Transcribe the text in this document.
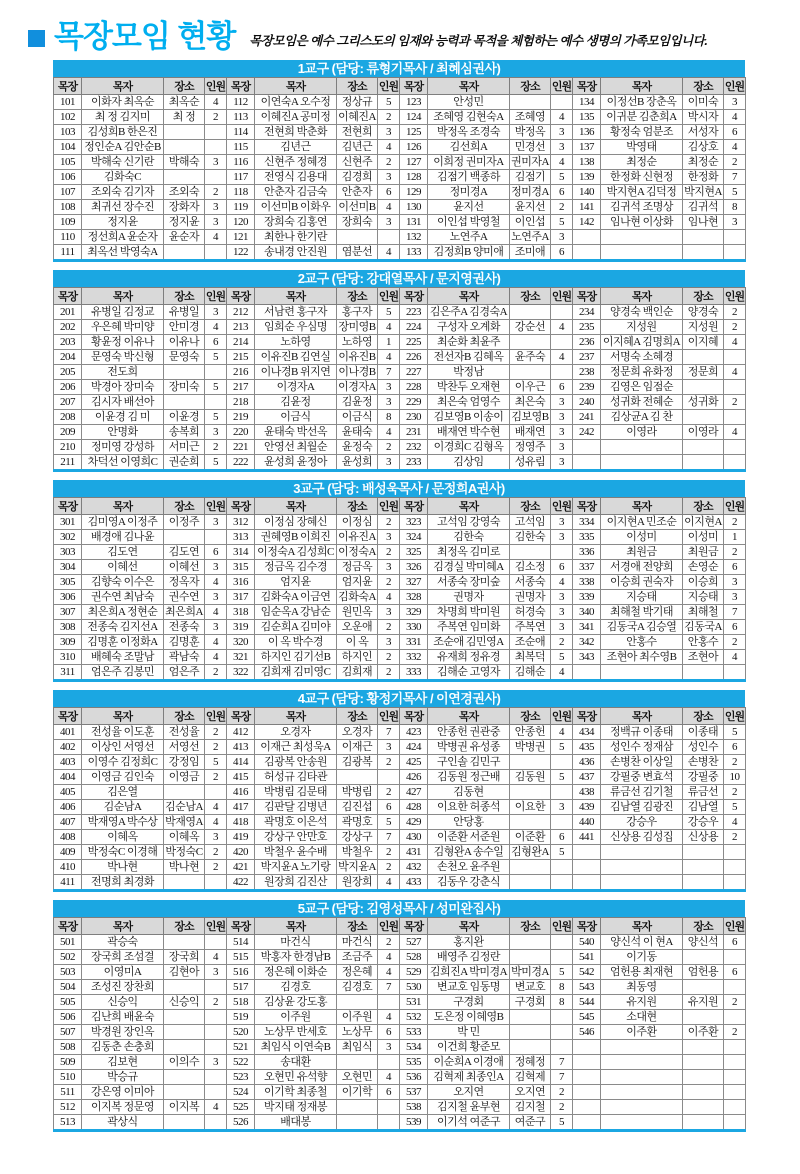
목장모임 현황 목장모임은 예수 그리스도의 임재와 능력과 목적을 체험하는 예수 생명의 가족모임입니다.

1교구 (담당: 류형기목사 / 최혜심권사)
목장	목자	장소	인원	목장	목자	장소	인원	목장	목자	장소	인원	목장	목자	장소	인원
101	이화자 최옥순	최옥순	4	112	이연숙A 오수정	정상규	5	123	안성민			134	이정선B 장춘옥	이미숙	3
102	최 정 김지미	최 정	2	113	이혜진A 공미정	이혜진A	2	124	조혜영 김현숙A	조혜영	4	135	이귀분 김춘희A	박시자	4
103	김성희B 한은진			114	전현희 박춘화	전현희	3	125	박정옥 조경숙	박정옥	3	136	황정숙 엄분조	서성자	6
104	정인순A 김안순B			115	김년근	김년근	4	126	김선희A	민경선	3	137	박영태	김상호	4
105	박해숙 신기란	박해숙	3	116	신현주 정혜경	신현주	2	127	이희정 권미자A	권미자A	4	138	최정순	최정순	2
106	김화숙C			117	전영식 김용대	김경희	3	128	김점기 백종하	김점기	5	139	한정화 신현정	한정화	7
107	조외숙 김기자	조외숙	2	118	안춘자 김금숙	안춘자	6	129	정미경A	정미경A	6	140	박지현A 김덕정	박지현A	5
108	최귀선 장수진	장화자	3	119	이선미B 이화우	이선미B	4	130	윤지선	윤지선	2	141	김귀석 조명상	김귀석	8
109	정지윤	정지윤	3	120	장희숙 김홍연	장희숙	3	131	이인섭 박영철	이인섭	5	142	임나현 이상화	임나현	3
110	정선희A 윤순자	윤순자	4	121	최한나 한기란			132	노연주A	노연주A	3				
111	최옥선 박영숙A			122	송내경 안진원	염분선	4	133	김정희B 양미애	조미애	6				
2교구 (담당: 강대열목사 / 문지영권사)
목장	목자	장소	인원	목장	목자	장소	인원	목장	목자	장소	인원	목장	목자	장소	인원
201	유병일 김정교	유병일	3	212	서남련 홍구자	홍구자	5	223	김은주A 김경숙A			234	양경숙 백인순	양경숙	2
202	우은혜 박미양	안미경	4	213	임희순 우심명	장미영B	4	224	구성자 오계화	강순선	4	235	지성원	지성원	2
203	황윤정 이유나	이유나	6	214	노하영	노하영	1	225	최순화 최윤주			236	이지혜A 김명희A	이지혜	4
204	문영숙 박신형	문영숙	5	215	이유진B 김연실	이유진B	4	226	전선자B 김혜옥	윤주숙	4	237	서명숙 소혜경		
205	전도희			216	이나경B 위지연	이나경B	7	227	박정남			238	정문희 유화정	정문희	4
206	박경아 장미숙	장미숙	5	217	이경자A	이경자A	3	228	박찬두 오재현	이우근	6	239	김영은 임점순		
207	김시자 배선아			218	김윤정	김윤정	3	229	최은숙 엄영수	최은숙	3	240	성귀화 전혜순	성귀화	2
208	이윤경 김 미	이윤경	5	219	이금식	이금식	8	230	김보영B 이송이	김보영B	3	241	김상균A 김 찬		
209	안명화	송복희	3	220	윤태숙 박선옥	윤태숙	4	231	배재연 박수현	배재연	3	242	이영라	이영라	4
210	정미영 강성하	서미근	2	221	안영선 최월순	윤정숙	2	232	이경희C 김형옥	정영주	3				
211	차덕선 이영희C	권순희	5	222	윤성희 윤정아	윤성희	3	233	김상임	성유림	3				
3교구 (담당: 배성욱목사 / 문정희A권사)
목장	목자	장소	인원	목장	목자	장소	인원	목장	목자	장소	인원	목장	목자	장소	인원
301	김미영A 이정주	이정주	3	312	이정심 장혜신	이정심	2	323	고석임 강영숙	고석임	3	334	이지현A 민조순	이지현A	2
302	배경애 김나윤			313	권혜영B 이희진	이유진A	3	324	김한숙	김한숙	3	335	이성미	이성미	1
303	김도연	김도연	6	314	이정숙A 김성희C	이정숙A	2	325	최정옥 김미로			336	최원금	최원금	2
304	이혜선	이혜선	3	315	정금옥 김수경	정금옥	3	326	김경실 박미혜A	김소정	6	337	서경애 전양희	손영순	6
305	김향숙 이수은	정옥자	4	316	엄지윤	엄지윤	2	327	서종숙 장미숲	서종숙	4	338	이승희 권숙자	이승희	3
306	권수연 최남숙	권수연	3	317	김화숙A 이금연	김화숙A	4	328	권명자	권명자	3	339	지승태	지승태	3
307	최은희A 정현순	최은희A	4	318	임순옥A 강남순	원민옥	3	329	차명희 박미원	허경숙	3	340	최해철 박기태	최해철	7
308	전종숙 김지선A	전종숙	3	319	김순희A 김미야	오운애	2	330	주복연 임미화	주복연	3	341	김동국A 김승열	김동국A	6
309	김명훈 이정화A	김명훈	4	320	이 옥 박수경	이 옥	3	331	조순애 김민영A	조순애	2	342	안홍수	안홍수	2
310	배혜숙 조말남	곽남숙	4	321	하지인 김기선B	하지인	2	332	유재희 정유경	최복덕	5	343	조현아 최수영B	조현아	4
311	엄은주 김봉민	엄은주	2	322	김희재 김미영C	김희재	2	333	김해순 고영자	김해순	4				
4교구 (담당: 황정기목사 / 이연경권사)
목장	목자	장소	인원	목장	목자	장소	인원	목장	목자	장소	인원	목장	목자	장소	인원
401	전성율 이도훈	전성율	2	412	오경자	오경자	7	423	안종헌 권관중	안종헌	4	434	정백규 이종태	이종태	5
402	이상인 서영선	서영선	2	413	이재근 최성욱A	이재근	3	424	박병권 유성종	박병권	5	435	성인수 정재삼	성인수	6
403	이영수 김정희C	강정임	5	414	김광복 안송원	김광복	2	425	구인솔 김민구			436	손병찬 이상일	손병찬	2
404	이영금 김인숙	이영금	2	415	허성규 김타관			426	김동원 정근배	김동원	5	437	강필중 변효석	강필중	10
405	김은열			416	박병림 김문태	박병림	2	427	김동현			438	류금선 김기철	류금선	2
406	김순남A	김순남A	4	417	김판달 김병년	김진섭	6	428	이요한 허종석	이요한	3	439	김남열 김광진	김남열	5
407	박재영A 박수상	박재영A	4	418	곽명호 이은석	곽명호	5	429	안당홍			440	강승우	강승우	4
408	이혜옥	이혜옥	3	419	강상구 안만호	강상구	7	430	이준환 서준원	이준환	6	441	신상용 김성집	신상용	2
409	박정숙C 이경해	박정숙C	2	420	박철우 윤수배	박철우	2	431	김형완A 송수일	김형완A	5				
410	박나현	박나현	2	421	박지윤A 노기랑	박지윤A	2	432	손천오 윤주원						
411	전명희 최경화			422	원장희 김진산	원장희	4	433	김동우 강춘식						
5교구 (담당: 김영성목사 / 성미완집사)
목장	목자	장소	인원	목장	목자	장소	인원	목장	목자	장소	인원	목장	목자	장소	인원
501	곽승숙			514	마건식	마건식	2	527	홍지완			540	양신석 이 현A	양신석	6
502	장국희 조섬결	장국희	4	515	박홍자 한경남B	조금주	4	528	배영주 김정란			541	이기동		
503	이영미A	김현아	3	516	정은혜 이화순	정은혜	4	529	김희진A 박미경A	박미경A	5	542	엄헌용 최재현	엄헌용	6
504	조성진 장찬희			517	김경호	김경호	7	530	변교호 임동명	변교호	8	543	최동영		
505	신승익	신승익	2	518	김상윤 강도홍			531	구경회	구경회	8	544	유지원	유지원	2
506	김난희 배윤숙			519	이주원	이주원	4	532	도은정 이혜영B			545	소대현		
507	박경원 장인옥			520	노상무 반세호	노상무	6	533	박 민			546	이주환	이주환	2
508	김동춘 손충희			521	최임식 이연숙B	최임식	3	534	이건희 황준모						
509	김보현	이의수	3	522	송대환			535	이순희A 이경애	정혜정	7				
510	박승규			523	오현민 유석향	오현민	4	536	김혁제 최종인A	김혁제	7				
511	강은영 이미아			524	이기학 최종철	이기학	6	537	오지연	오지연	2				
512	이지복 정문영	이지복	4	525	박지태 정재봉			538	김지철 윤부현	김지철	2				
513	곽상식			526	배대봉			539	이기석 여준구	여준구	5				
